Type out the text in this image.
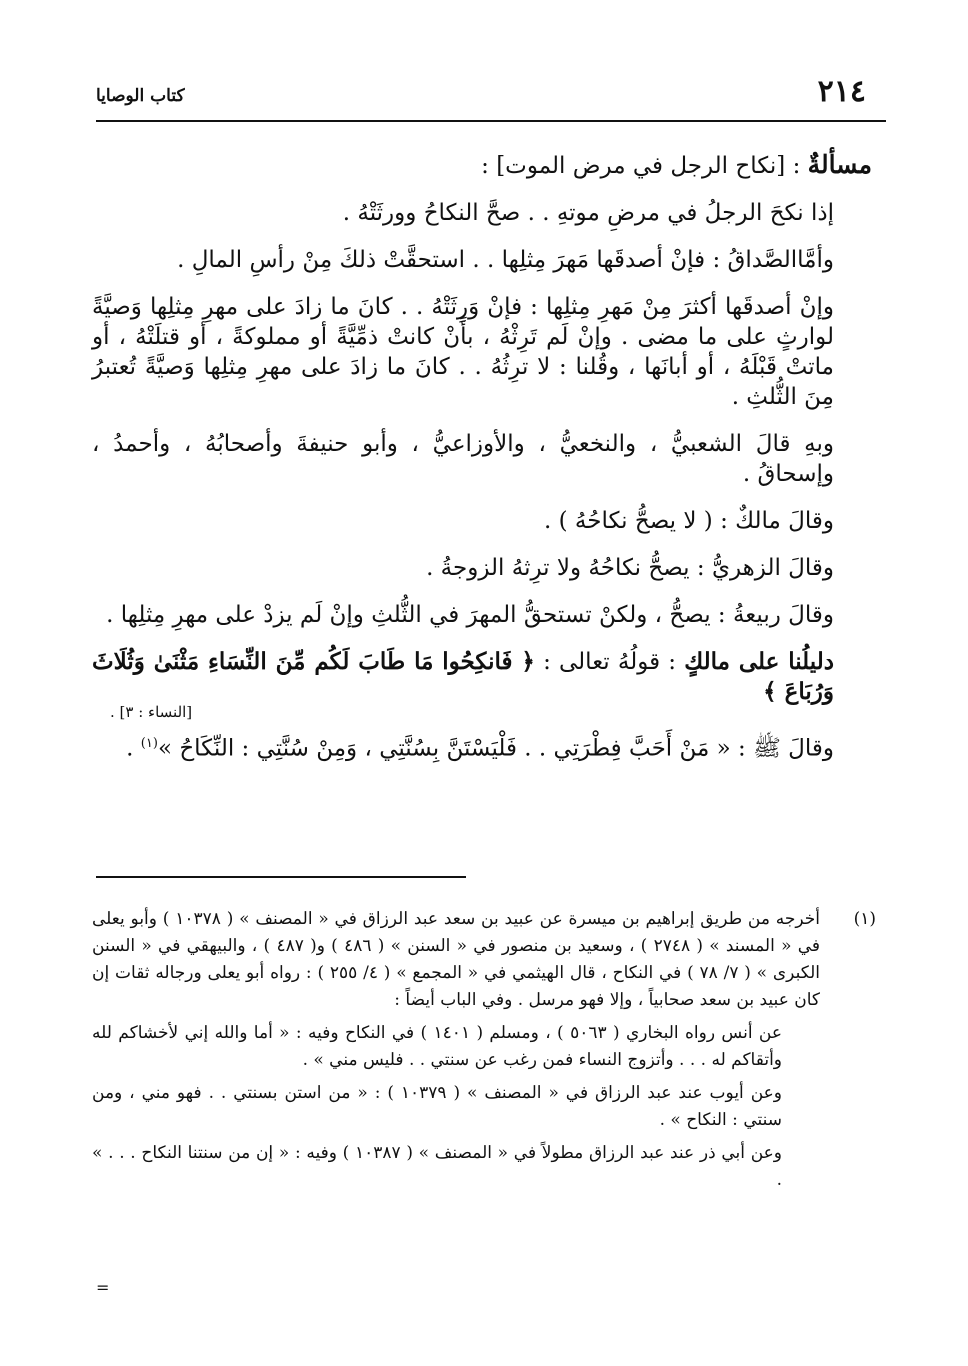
٢١٤
كتاب الوصايا

مسألةٌ : [نكاح الرجل في مرض الموت] :

إذا نكحَ الرجلُ في مرضِ موتهِ . . صحَّ النكاحُ وورثَتْهُ .

وأمَّاالصَّداقُ : فإنْ أصدقَها مَهرَ مِثلِها . . استحقَّتْ ذلكَ مِنْ رأسِ المالِ .

وإنْ أصدقَها أكثرَ مِنْ مَهرِ مِثلِها : فإنْ وَرِثَتْهُ . . كانَ ما زادَ على مهرِ مِثلِها وَصيَّةً لوارثٍ على ما مضى . وإنْ لَم تَرِثْهُ ، بأَنْ كانتْ ذمِّيَّةً أو مملوكةً ، أو قتلَتْهُ ، أو ماتتْ قَبْلَهُ ، أو أبانَها ، وقُلنا : لا ترِثُهُ . . كانَ ما زادَ على مهرِ مِثلِها وَصيَّةً تُعتبرُ مِنَ الثُّلثِ .

وبهِ قالَ الشعبيُّ ، والنخعيُّ ، والأوزاعيُّ ، وأبو حنيفةَ وأصحابُهُ ، وأحمدُ ، وإسحاقُ .

وقالَ مالكٌ : ( لا يصحُّ نكاحُهُ ) .

وقالَ الزهريُّ : يصحُّ نكاحُهُ ولا ترِثهُ الزوجةُ .

وقالَ ربيعةُ : يصحُّ ، ولكنْ تستحقُّ المهرَ في الثُّلثِ وإنْ لَم يزدْ على مهرِ مِثلِها .

دليلُنا على مالكٍ : قولُهُ تعالى : ﴿ فَانكِحُوا مَا طَابَ لَكُم مِّنَ النِّسَاءِ مَثْنَىٰ وَثُلَاثَ وَرُبَاعَ ﴾

[النساء : ٣] .

وقالَ ﷺ : « مَنْ أَحَبَّ فِطْرَتِي . . فَلْيَسْتَنَّ بِسُنَّتِي ، وَمِنْ سُنَّتِي : النِّكَاحُ »$^{(١)}$ .

(١)
أخرجه من طريق إبراهيم بن ميسرة عن عبيد بن سعد عبد الرزاق في « المصنف » ( ١٠٣٧٨ ) وأبو يعلى في « المسند » ( ٢٧٤٨ ) ، وسعيد بن منصور في « السنن » ( ٤٨٦ ) و( ٤٨٧ ) ، والبيهقي في « السنن الكبرى » ( ٧/ ٧٨ ) في النكاح ، قال الهيثمي في « المجمع » ( ٤/ ٢٥٥ ) : رواه أبو يعلى ورجاله ثقات إن كان عبيد بن سعد صحابياً ، وإلا فهو مرسل . وفي الباب أيضاً :
عن أنس رواه البخاري ( ٥٠٦٣ ) ، ومسلم ( ١٤٠١ ) في النكاح وفيه : « أما والله إني لأخشاكم لله وأتقاكم له . . . وأتزوج النساء فمن رغب عن سنتي . . فليس مني » .
وعن أيوب عند عبد الرزاق في « المصنف » ( ١٠٣٧٩ ) : « من استن بسنتي . . فهو مني ، ومن سنتي : النكاح » .
وعن أبي ذر عند عبد الرزاق مطولاً في « المصنف » ( ١٠٣٨٧ ) وفيه : « إن من سنتنا النكاح . . . » .
=
